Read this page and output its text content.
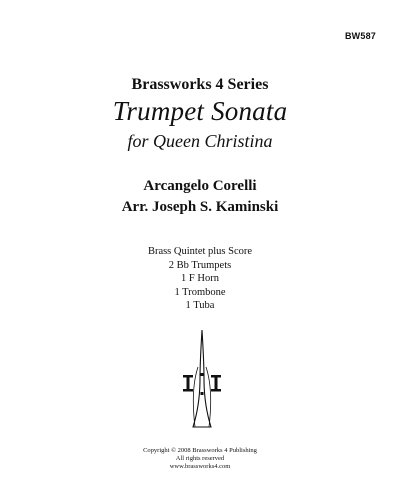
BW587
Brassworks 4 Series
Trumpet Sonata
for Queen Christina
Arcangelo Corelli
Arr. Joseph S. Kaminski
Brass Quintet plus Score
2 Bb Trumpets
1 F Horn
1 Trombone
1 Tuba
Copyright © 2008 Brassworks 4 Publishing
All rights reserved
www.brassworks4.com
